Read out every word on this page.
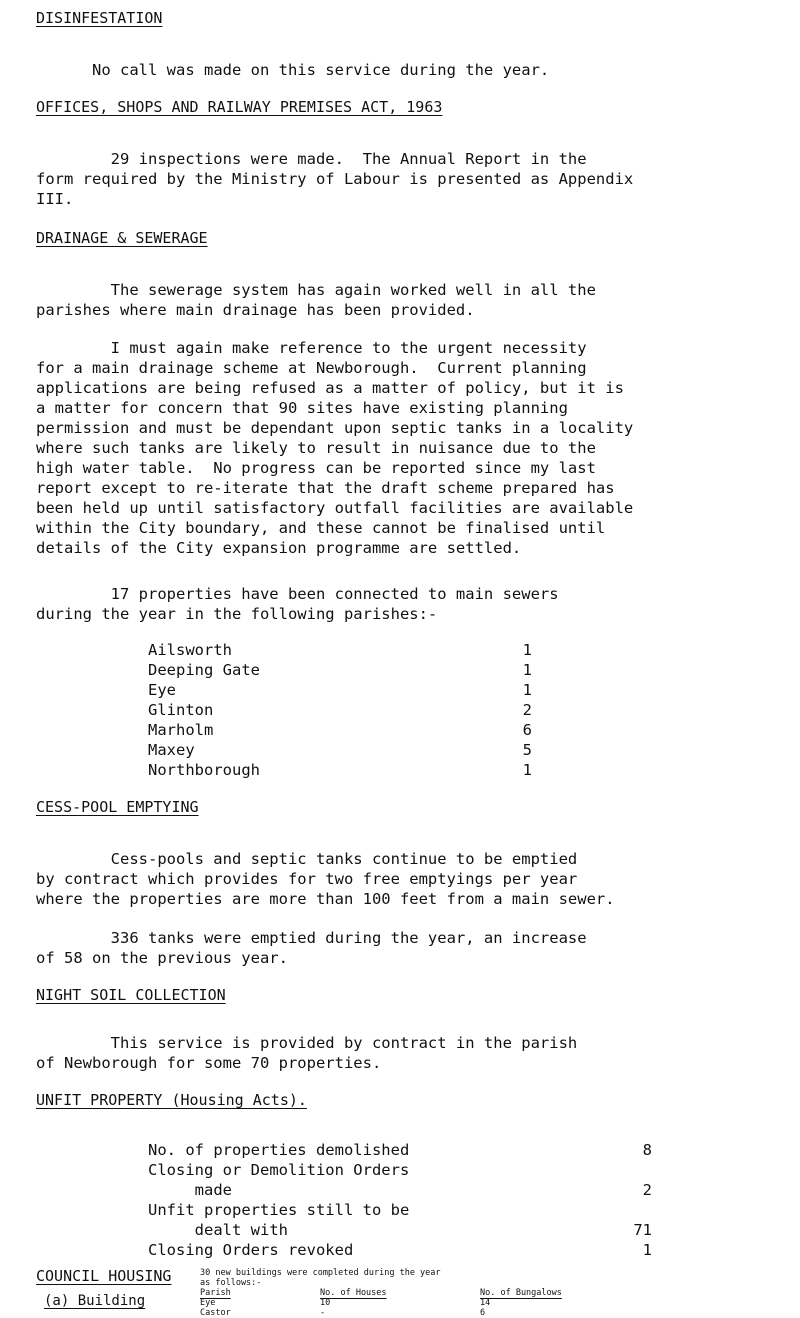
DISINFESTATION
No call was made on this service during the year.
OFFICES, SHOPS AND RAILWAY PREMISES ACT, 1963
29 inspections were made.  The Annual Report in the
form required by the Ministry of Labour is presented as Appendix
III.
DRAINAGE & SEWERAGE
The sewerage system has again worked well in all the
parishes where main drainage has been provided.
I must again make reference to the urgent necessity
for a main drainage scheme at Newborough.  Current planning
applications are being refused as a matter of policy, but it is
a matter for concern that 90 sites have existing planning
permission and must be dependant upon septic tanks in a locality
where such tanks are likely to result in nuisance due to the
high water table.  No progress can be reported since my last
report except to re-iterate that the draft scheme prepared has
been held up until satisfactory outfall facilities are available
within the City boundary, and these cannot be finalised until
details of the City expansion programme are settled.
17 properties have been connected to main sewers
during the year in the following parishes:-
Ailsworth	1
Deeping Gate	1
Eye	1
Glinton	2
Marholm	6
Maxey	5
Northborough	1
CESS-POOL EMPTYING
Cess-pools and septic tanks continue to be emptied
by contract which provides for two free emptyings per year
where the properties are more than 100 feet from a main sewer.
336 tanks were emptied during the year, an increase
of 58 on the previous year.
NIGHT SOIL COLLECTION
This service is provided by contract in the parish
of Newborough for some 70 properties.
UNFIT PROPERTY (Housing Acts).
No. of properties demolished	8
Closing or Demolition Orders
made	2
Unfit properties still to be
dealt with	71
Closing Orders revoked	1
COUNCIL HOUSING
(a) Building
30 new buildings were completed during the year
as follows:-
Parish	No. of Houses	No. of Bungalows
Eye	10	14
Castor	-	6
